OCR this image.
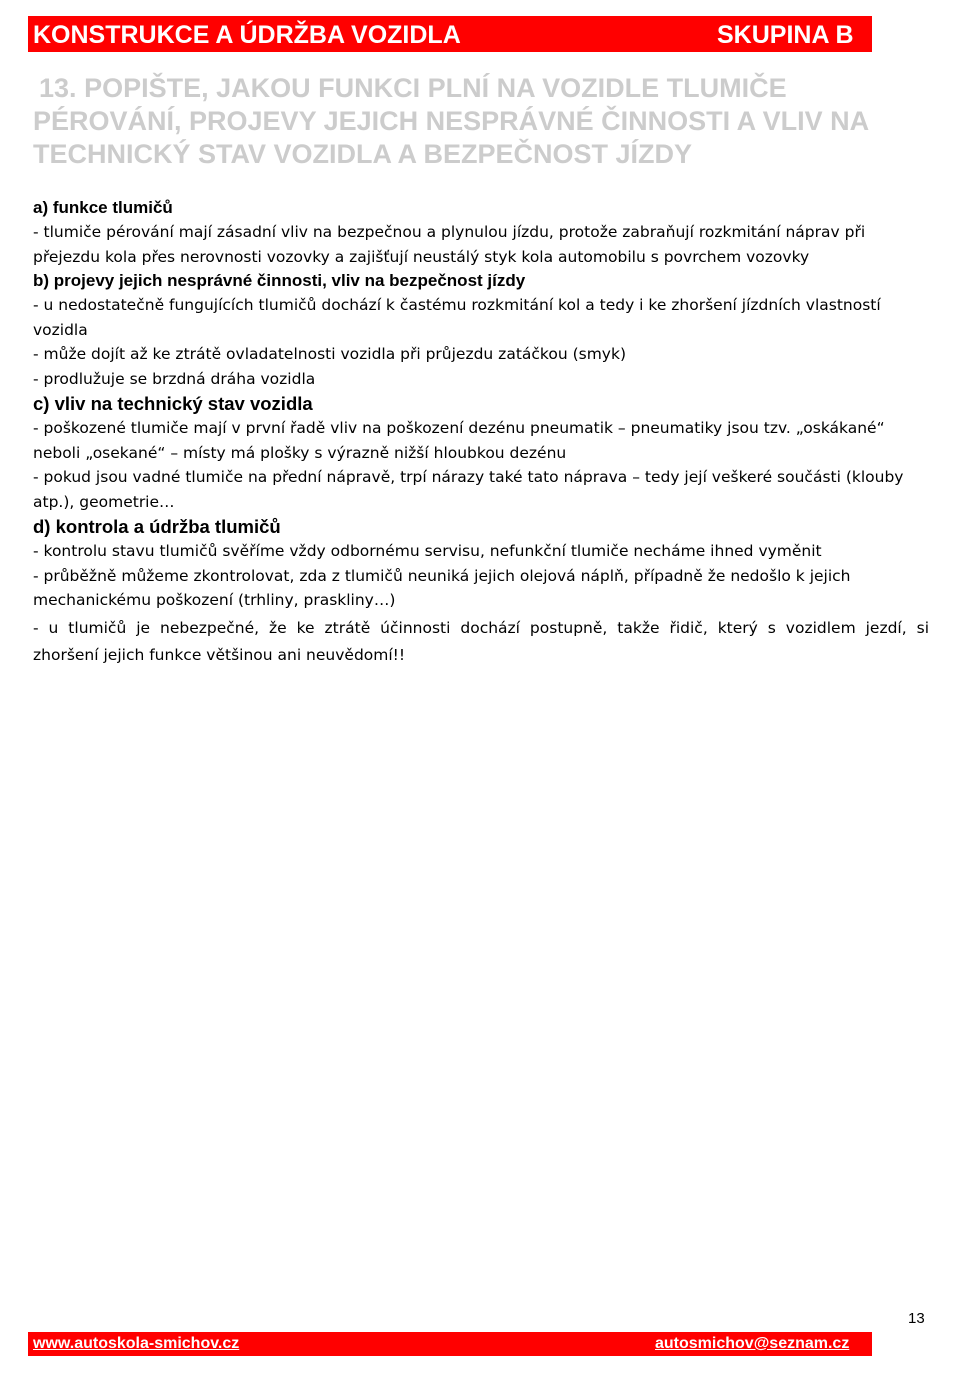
KONSTRUKCE A ÚDRŽBA VOZIDLA	SKUPINA B
13. POPIŠTE, JAKOU FUNKCI PLNÍ NA VOZIDLE TLUMIČE
PÉROVÁNÍ, PROJEVY JEJICH NESPRÁVNÉ ČINNOSTI A VLIV NA
TECHNICKÝ STAV VOZIDLA A BEZPEČNOST JÍZDY
a) funkce tlumičů

- tlumiče pérování mají zásadní vliv na bezpečnou a plynulou jízdu, protože zabraňují rozkmitání náprav při přejezdu kola přes nerovnosti vozovky a zajišťují neustálý styk kola automobilu s povrchem vozovky

b) projevy jejich nesprávné činnosti, vliv na bezpečnost jízdy

- u nedostatečně fungujících tlumičů dochází k častému rozkmitání kol a tedy i ke zhoršení jízdních vlastností vozidla

- může dojít až ke ztrátě ovladatelnosti vozidla při průjezdu zatáčkou (smyk)

- prodlužuje se brzdná dráha vozidla

c) vliv na technický stav vozidla

- poškozené tlumiče mají v první řadě vliv na poškození dezénu pneumatik – pneumatiky jsou tzv. „oskákané“ neboli „osekané“ – místy má plošky s výrazně nižší hloubkou dezénu

- pokud jsou vadné tlumiče na přední nápravě, trpí nárazy také tato náprava – tedy její veškeré součásti (klouby atp.), geometrie…

d) kontrola a údržba tlumičů

- kontrolu stavu tlumičů svěříme vždy odbornému servisu, nefunkční tlumiče necháme ihned vyměnit

- průběžně můžeme zkontrolovat, zda z tlumičů neuniká jejich olejová náplň, případně že nedošlo k jejich mechanickému poškození (trhliny, praskliny…)

- u tlumičů je nebezpečné, že ke ztrátě účinnosti dochází postupně, takže řidič, který s vozidlem jezdí, si

zhoršení jejich funkce většinou ani neuvědomí!!

13
www.autoskola-smichov.cz	autosmichov@seznam.cz
